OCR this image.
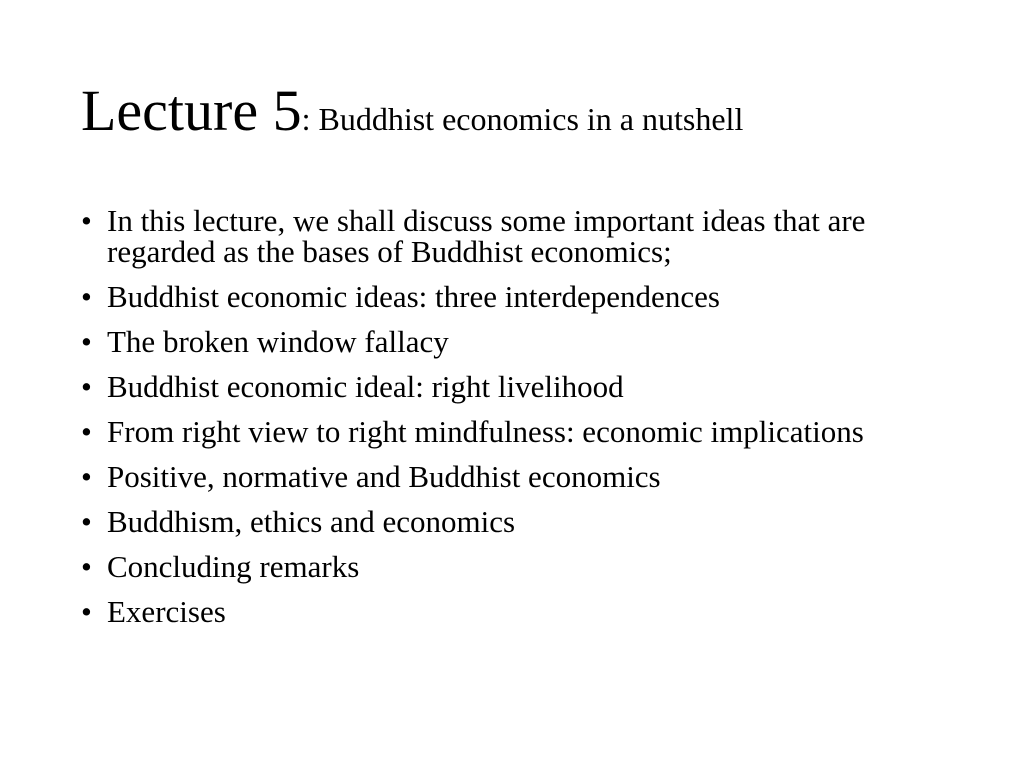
Lecture 5: Buddhist economics in a nutshell
• In this lecture, we shall discuss some important ideas that are regarded as the bases of Buddhist economics;
• Buddhist economic ideas: three interdependences
• The broken window fallacy
• Buddhist economic ideal: right livelihood
• From right view to right mindfulness: economic implications
• Positive, normative and Buddhist economics
• Buddhism, ethics and economics
• Concluding remarks
• Exercises
